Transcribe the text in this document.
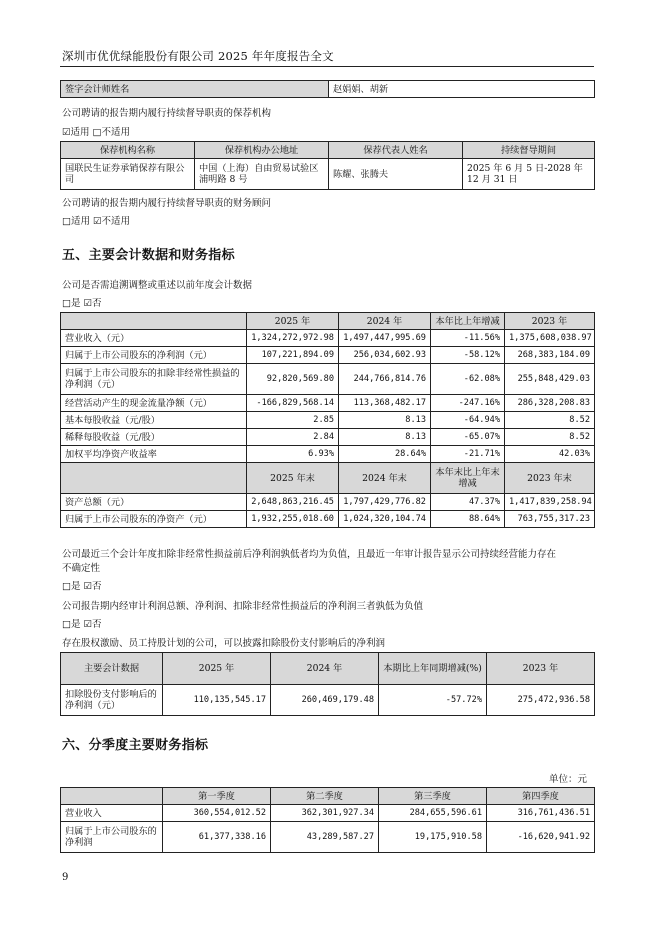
深圳市优优绿能股份有限公司 2025 年年度报告全文
签字会计师姓名	赵娟娟、胡新
公司聘请的报告期内履行持续督导职责的保荐机构
☑适用 □不适用
保荐机构名称	保荐机构办公地址	保荐代表人姓名	持续督导期间
国联民生证券承销保荐有限公司	中国（上海）自由贸易试验区浦明路 8 号	陈耀、张腾夫	2025 年 6 月 5 日-2028 年 12 月 31 日
公司聘请的报告期内履行持续督导职责的财务顾问
□适用 ☑不适用
五、主要会计数据和财务指标
公司是否需追溯调整或重述以前年度会计数据
□是 ☑否
	2025 年	2024 年	本年比上年增减	2023 年
营业收入（元）	1,324,272,972.98	1,497,447,995.69	-11.56%	1,375,608,038.97
归属于上市公司股东的净利润（元）	107,221,894.09	256,034,602.93	-58.12%	268,383,184.09
归属于上市公司股东的扣除非经常性损益的净利润（元）	92,820,569.80	244,766,814.76	-62.08%	255,848,429.03
经营活动产生的现金流量净额（元）	-166,829,568.14	113,368,482.17	-247.16%	286,328,208.83
基本每股收益（元/股）	2.85	8.13	-64.94%	8.52
稀释每股收益（元/股）	2.84	8.13	-65.07%	8.52
加权平均净资产收益率	6.93%	28.64%	-21.71%	42.03%
	2025 年末	2024 年末	本年末比上年末增减	2023 年末
资产总额（元）	2,648,863,216.45	1,797,429,776.82	47.37%	1,417,839,258.94
归属于上市公司股东的净资产（元）	1,932,255,018.60	1,024,320,104.74	88.64%	763,755,317.23
公司最近三个会计年度扣除非经常性损益前后净利润孰低者均为负值，且最近一年审计报告显示公司持续经营能力存在
不确定性
□是 ☑否
公司报告期内经审计利润总额、净利润、扣除非经常性损益后的净利润三者孰低为负值
□是 ☑否
存在股权激励、员工持股计划的公司，可以披露扣除股份支付影响后的净利润
主要会计数据	2025 年	2024 年	本期比上年同期增减(%)	2023 年
扣除股份支付影响后的净利润（元）	110,135,545.17	260,469,179.48	-57.72%	275,472,936.58
六、分季度主要财务指标
单位：元
	第一季度	第二季度	第三季度	第四季度
营业收入	360,554,012.52	362,301,927.34	284,655,596.61	316,761,436.51
归属于上市公司股东的净利润	61,377,338.16	43,289,587.27	19,175,910.58	-16,620,941.92
9
